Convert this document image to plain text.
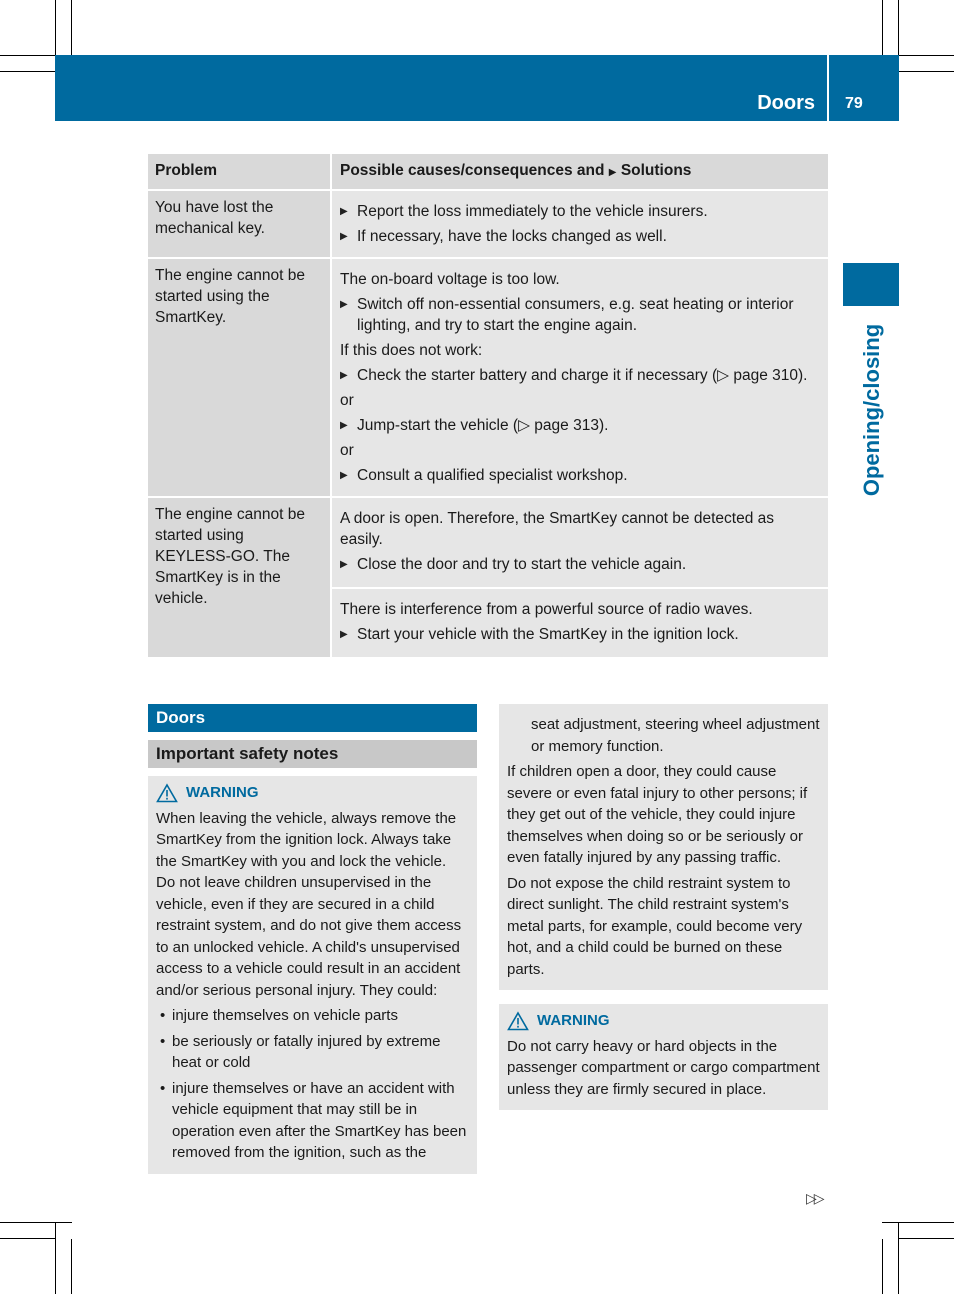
Doors 79
Opening/closing
Problem	Possible causes/consequences and ▶ Solutions
You have lost the mechanical key.
▶ Report the loss immediately to the vehicle insurers.
▶ If necessary, have the locks changed as well.
The engine cannot be started using the SmartKey.
The on-board voltage is too low.
▶ Switch off non-essential consumers, e.g. seat heating or interior lighting, and try to start the engine again.
If this does not work:
▶ Check the starter battery and charge it if necessary (▷ page 310).
or
▶ Jump-start the vehicle (▷ page 313).
or
▶ Consult a qualified specialist workshop.
The engine cannot be started using KEYLESS-GO. The SmartKey is in the vehicle.
A door is open. Therefore, the SmartKey cannot be detected as easily.
▶ Close the door and try to start the vehicle again.
There is interference from a powerful source of radio waves.
▶ Start your vehicle with the SmartKey in the ignition lock.
Doors
Important safety notes
WARNING
When leaving the vehicle, always remove the SmartKey from the ignition lock. Always take the SmartKey with you and lock the vehicle. Do not leave children unsupervised in the vehicle, even if they are secured in a child restraint system, and do not give them access to an unlocked vehicle. A child's unsupervised access to a vehicle could result in an accident and/or serious personal injury. They could:
• injure themselves on vehicle parts
• be seriously or fatally injured by extreme heat or cold
• injure themselves or have an accident with vehicle equipment that may still be in operation even after the SmartKey has been removed from the ignition, such as the
seat adjustment, steering wheel adjustment or memory function.
If children open a door, they could cause severe or even fatal injury to other persons; if they get out of the vehicle, they could injure themselves when doing so or be seriously or even fatally injured by any passing traffic.
Do not expose the child restraint system to direct sunlight. The child restraint system's metal parts, for example, could become very hot, and a child could be burned on these parts.
WARNING
Do not carry heavy or hard objects in the passenger compartment or cargo compartment unless they are firmly secured in place.
▷▷
